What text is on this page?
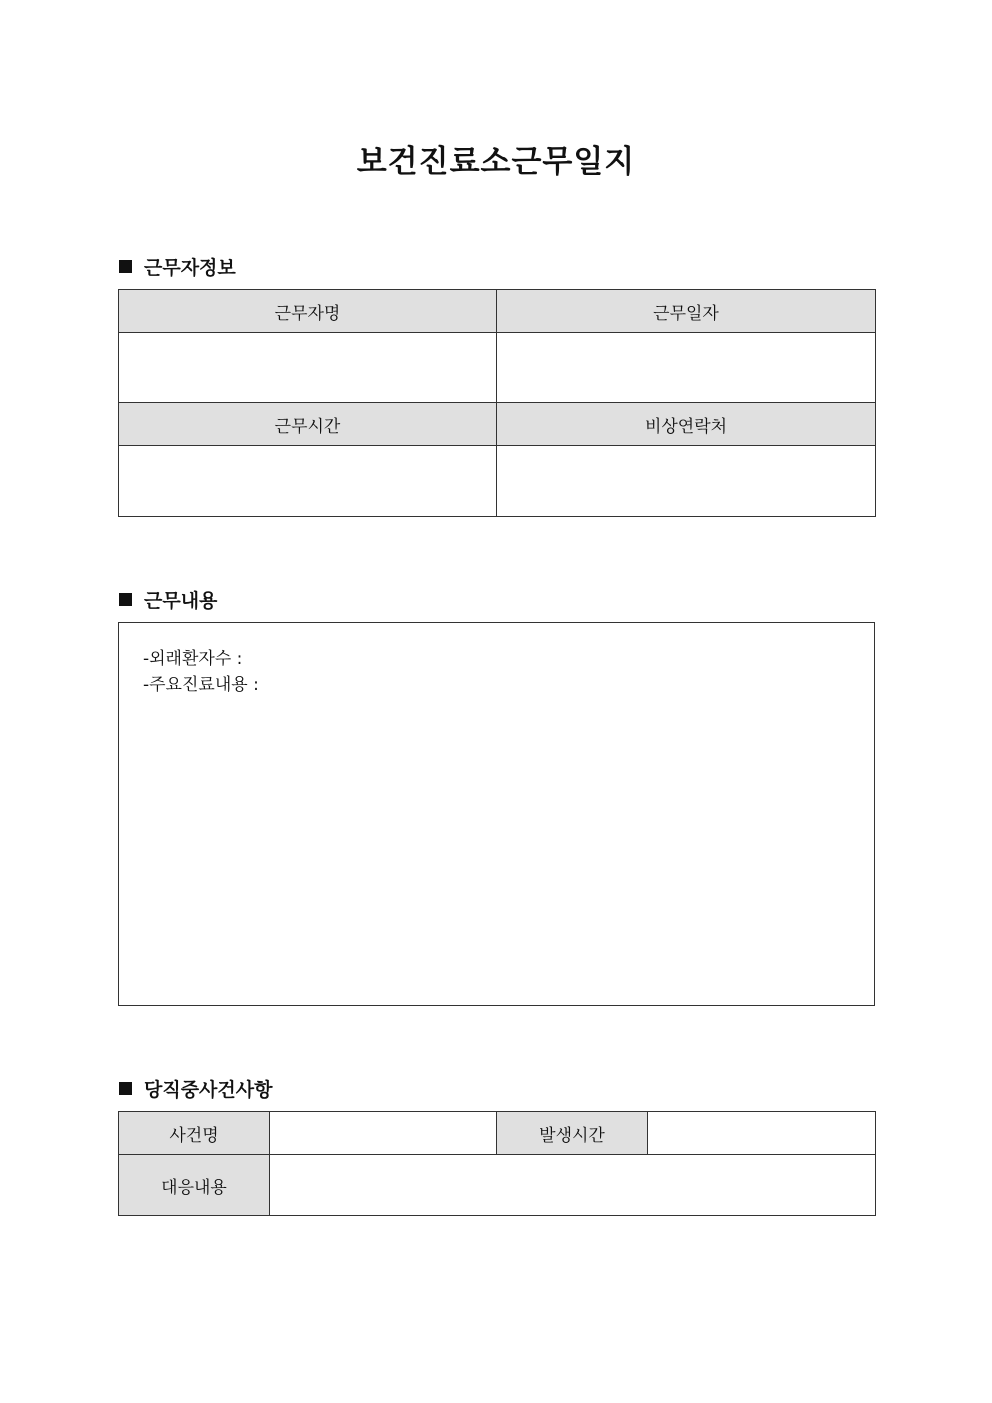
보건진료소근무일지
근무자정보
근무자명	근무일자

근무시간	비상연락처

근무내용
-외래환자수 :
-주요진료내용 :
당직중사건사항
사건명		발생시간	
대응내용			
